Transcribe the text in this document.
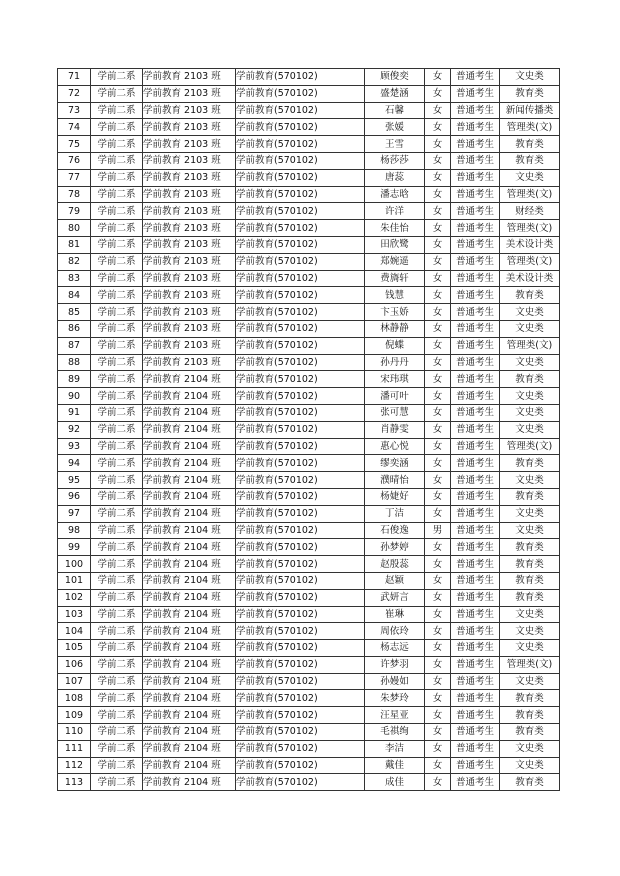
71	学前二系	学前教育 2103 班	学前教育(570102)	顾俊奕	女	普通考生	文史类
72	学前二系	学前教育 2103 班	学前教育(570102)	盛楚涵	女	普通考生	教育类
73	学前二系	学前教育 2103 班	学前教育(570102)	石馨	女	普通考生	新闻传播类
74	学前二系	学前教育 2103 班	学前教育(570102)	张媛	女	普通考生	管理类(文)
75	学前二系	学前教育 2103 班	学前教育(570102)	王雪	女	普通考生	教育类
76	学前二系	学前教育 2103 班	学前教育(570102)	杨莎莎	女	普通考生	教育类
77	学前二系	学前教育 2103 班	学前教育(570102)	唐蕊	女	普通考生	文史类
78	学前二系	学前教育 2103 班	学前教育(570102)	潘志晗	女	普通考生	管理类(文)
79	学前二系	学前教育 2103 班	学前教育(570102)	许洋	女	普通考生	财经类
80	学前二系	学前教育 2103 班	学前教育(570102)	朱佳怡	女	普通考生	管理类(文)
81	学前二系	学前教育 2103 班	学前教育(570102)	田欣鹭	女	普通考生	美术设计类
82	学前二系	学前教育 2103 班	学前教育(570102)	郑婉遥	女	普通考生	管理类(文)
83	学前二系	学前教育 2103 班	学前教育(570102)	费旖轩	女	普通考生	美术设计类
84	学前二系	学前教育 2103 班	学前教育(570102)	钱慧	女	普通考生	教育类
85	学前二系	学前教育 2103 班	学前教育(570102)	卞玉娇	女	普通考生	文史类
86	学前二系	学前教育 2103 班	学前教育(570102)	林静静	女	普通考生	文史类
87	学前二系	学前教育 2103 班	学前教育(570102)	倪蝶	女	普通考生	管理类(文)
88	学前二系	学前教育 2103 班	学前教育(570102)	孙丹丹	女	普通考生	文史类
89	学前二系	学前教育 2104 班	学前教育(570102)	宋玮琪	女	普通考生	教育类
90	学前二系	学前教育 2104 班	学前教育(570102)	潘可叶	女	普通考生	文史类
91	学前二系	学前教育 2104 班	学前教育(570102)	张可慧	女	普通考生	文史类
92	学前二系	学前教育 2104 班	学前教育(570102)	肖静雯	女	普通考生	文史类
93	学前二系	学前教育 2104 班	学前教育(570102)	惠心悦	女	普通考生	管理类(文)
94	学前二系	学前教育 2104 班	学前教育(570102)	缪奕涵	女	普通考生	教育类
95	学前二系	学前教育 2104 班	学前教育(570102)	濮晴怡	女	普通考生	文史类
96	学前二系	学前教育 2104 班	学前教育(570102)	杨婕好	女	普通考生	教育类
97	学前二系	学前教育 2104 班	学前教育(570102)	丁洁	女	普通考生	文史类
98	学前二系	学前教育 2104 班	学前教育(570102)	石俊逸	男	普通考生	文史类
99	学前二系	学前教育 2104 班	学前教育(570102)	孙梦婷	女	普通考生	教育类
100	学前二系	学前教育 2104 班	学前教育(570102)	赵殷蕊	女	普通考生	教育类
101	学前二系	学前教育 2104 班	学前教育(570102)	赵颖	女	普通考生	教育类
102	学前二系	学前教育 2104 班	学前教育(570102)	武妍言	女	普通考生	教育类
103	学前二系	学前教育 2104 班	学前教育(570102)	崔琳	女	普通考生	文史类
104	学前二系	学前教育 2104 班	学前教育(570102)	周依玲	女	普通考生	文史类
105	学前二系	学前教育 2104 班	学前教育(570102)	杨志远	女	普通考生	文史类
106	学前二系	学前教育 2104 班	学前教育(570102)	许梦羽	女	普通考生	管理类(文)
107	学前二系	学前教育 2104 班	学前教育(570102)	孙嫚如	女	普通考生	文史类
108	学前二系	学前教育 2104 班	学前教育(570102)	朱梦玲	女	普通考生	教育类
109	学前二系	学前教育 2104 班	学前教育(570102)	汪星亚	女	普通考生	教育类
110	学前二系	学前教育 2104 班	学前教育(570102)	毛祺绚	女	普通考生	教育类
111	学前二系	学前教育 2104 班	学前教育(570102)	李洁	女	普通考生	文史类
112	学前二系	学前教育 2104 班	学前教育(570102)	戴佳	女	普通考生	文史类
113	学前二系	学前教育 2104 班	学前教育(570102)	成佳	女	普通考生	教育类
